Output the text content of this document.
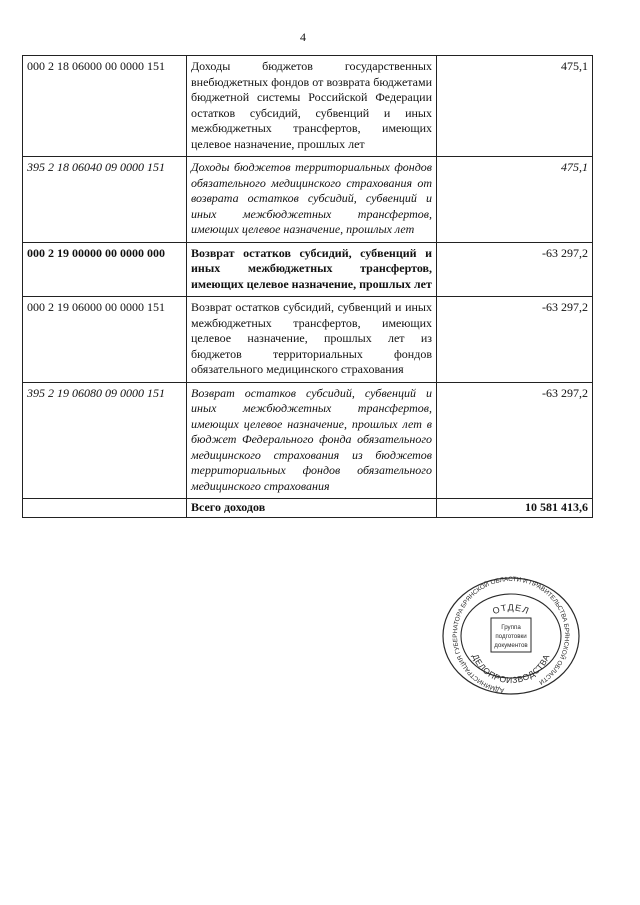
4
000 2 18 06000 00 0000 151	Доходы бюджетов государственных внебюджетных фондов от возврата бюджетами бюджетной системы Российской Федерации остатков субсидий, субвенций и иных межбюджетных трансфертов, имеющих целевое назначение, прошлых лет	475,1
395 2 18 06040 09 0000 151	Доходы бюджетов территориальных фондов обязательного медицинского страхования от возврата остатков субсидий, субвенций и иных межбюджетных трансфертов, имеющих целевое назначение, прошлых лет	475,1
000 2 19 00000 00 0000 000	Возврат остатков субсидий, субвенций и иных межбюджетных трансфертов, имеющих целевое назначение, прошлых лет	-63 297,2
000 2 19 06000 00 0000 151	Возврат остатков субсидий, субвенций и иных межбюджетных трансфертов, имеющих целевое назначение, прошлых лет из бюджетов территориальных фондов обязательного медицинского страхования	-63 297,2
395 2 19 06080 09 0000 151	Возврат остатков субсидий, субвенций и иных межбюджетных трансфертов, имеющих целевое назначение, прошлых лет в бюджет Федерального фонда обязательного медицинского страхования из бюджетов территориальных фондов обязательного медицинского страхования	-63 297,2
	Всего доходов	10 581 413,6
АДМИНИСТРАЦИЯ ГУБЕРНАТОРА БРЯНСКОЙ ОБЛАСТИ И ПРАВИТЕЛЬСТВА БРЯНСКОЙ ОБЛАСТИ
ОТДЕЛ
ДЕЛОПРОИЗВОДСТВА
Группа
подготовки
документов
